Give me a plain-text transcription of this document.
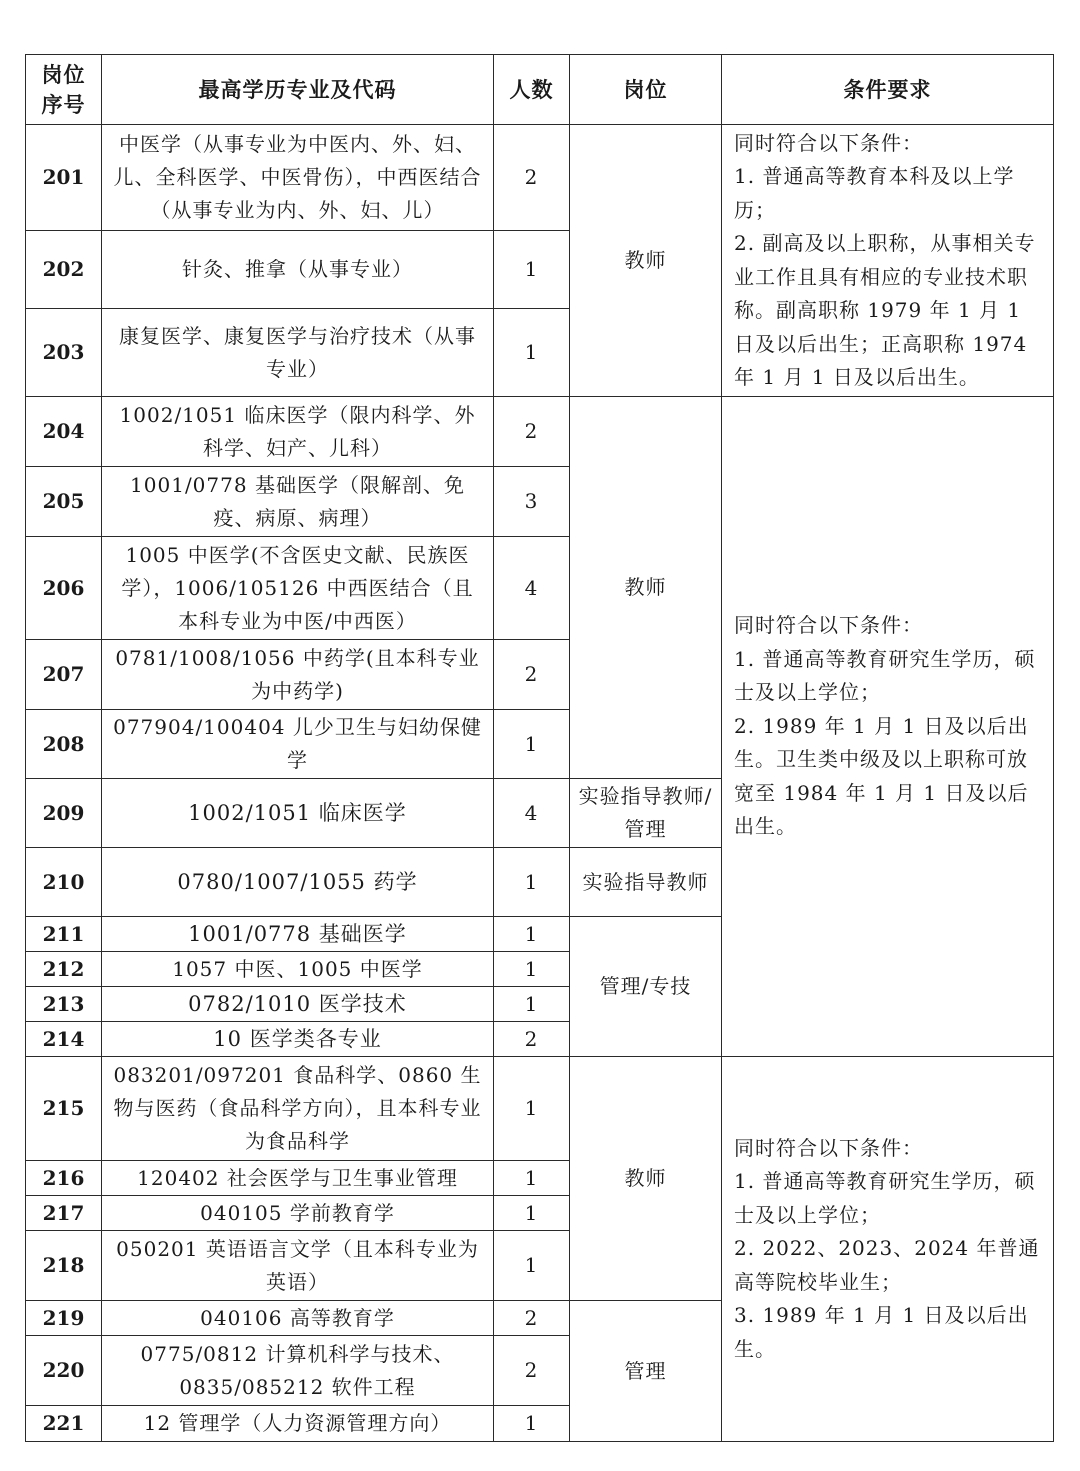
岗位
序号	最高学历专业及代码	人数	岗位	条件要求
201	中医学（从事专业为中医内、外、妇、儿、全科医学、中医骨伤），中西医结合（从事专业为内、外、妇、儿）	2	教师	同时符合以下条件：
1. 普通高等教育本科及以上学历；
2. 副高及以上职称，从事相关专业工作且具有相应的专业技术职称。副高职称 1979 年 1 月 1 日及以后出生；正高职称 1974 年 1 月 1 日及以后出生。

202	针灸、推拿（从事专业）	1		
203	康复医学、康复医学与治疗技术（从事专业）	1		
204	1002/1051 临床医学（限内科学、外科学、妇产、儿科）	2	教师	同时符合以下条件：
1. 普通高等教育研究生学历，硕士及以上学位；
2. 1989 年 1 月 1 日及以后出生。卫生类中级及以上职称可放宽至 1984 年 1 月 1 日及以后出生。

205	1001/0778 基础医学（限解剖、免疫、病原、病理）	3		
206	1005 中医学(不含医史文献、民族医学），1006/105126 中西医结合（且本科专业为中医/中西医）	4		
207	0781/1008/1056 中药学(且本科专业为中药学)	2		
208	077904/100404 儿少卫生与妇幼保健学	1		
209	1002/1051 临床医学	4	实验指导教师/管理	
210	0780/1007/1055 药学	1	实验指导教师	
211	1001/0778 基础医学	1	管理/专技	
212	1057 中医、1005 中医学	1		
213	0782/1010 医学技术	1		
214	10 医学类各专业	2		
215	083201/097201 食品科学、0860 生物与医药（食品科学方向），且本科专业为食品科学	1	教师	同时符合以下条件：
1. 普通高等教育研究生学历，硕士及以上学位；
2. 2022、2023、2024 年普通高等院校毕业生；
3. 1989 年 1 月 1 日及以后出生。

216	120402 社会医学与卫生事业管理	1		
217	040105 学前教育学	1		
218	050201 英语语言文学（且本科专业为英语）	1		
219	040106 高等教育学	2	管理	
220	0775/0812 计算机科学与技术、0835/085212 软件工程	2		
221	12 管理学（人力资源管理方向）	1		
